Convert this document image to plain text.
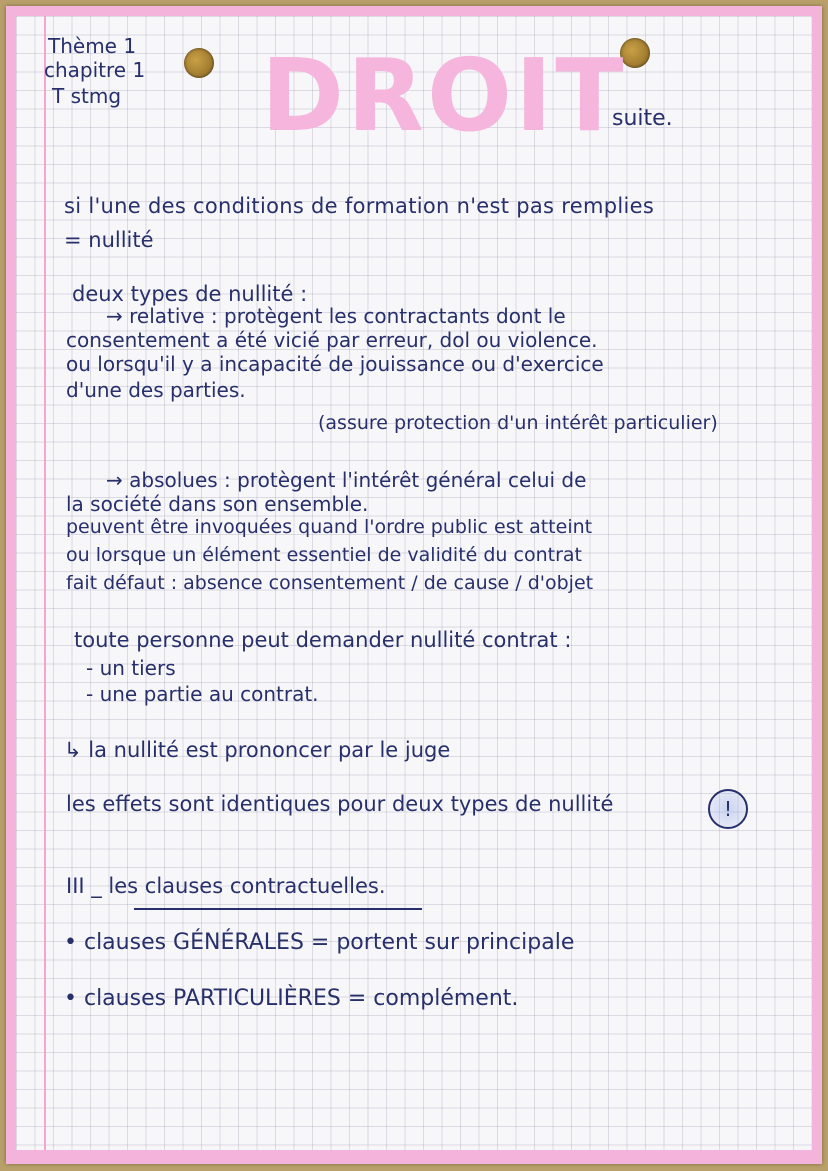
DROIT
Thème 1
chapitre 1
T stmg
suite.
si l'une des conditions de formation n'est pas remplies
= nullité
deux types de nullité :
→ relative : protègent les contractants dont le
consentement a été vicié par erreur, dol ou violence.
ou lorsqu'il y a incapacité de jouissance ou d'exercice
d'une des parties.
(assure protection d'un intérêt particulier)
→ absolues : protègent l'intérêt général celui de
la société dans son ensemble.
peuvent être invoquées quand l'ordre public est atteint
ou lorsque un élément essentiel de validité du contrat
fait défaut : absence consentement / de cause / d'objet
toute personne peut demander nullité contrat :
- un tiers
- une partie au contrat.
↳ la nullité est prononcer par le juge
les effets sont identiques pour deux types de nullité	!
III _ les clauses contractuelles.
• clauses GÉNÉRALES = portent sur principale
• clauses PARTICULIÈRES = complément.
